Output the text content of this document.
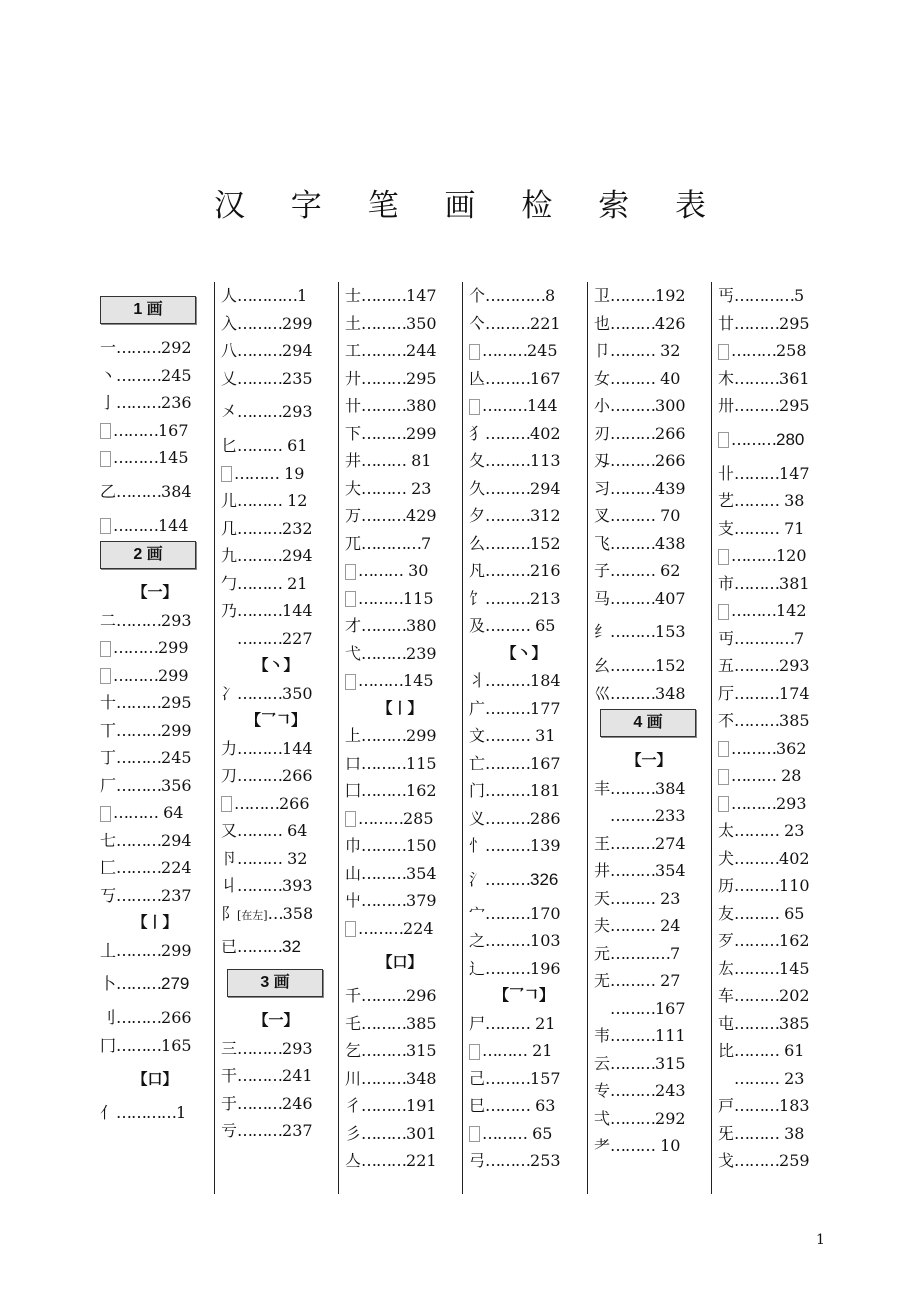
汉 字 笔 画 检 索 表
1 画
一………292
丶………245
亅………236
………167
………145
乙………384
………144
2 画
【一】
二………293
………299
………299
十………295
丅………299
丁………245
厂………356
……… 64
七………294
匚………224
丂………237
【丨】
丄………299
卜………279
刂………266
冂………165
【口】
亻…………1
人…………1
入………299
八………294
乂………235
㐅………293
匕……… 61
……… 19
儿……… 12
几………232
九………294
勹……… 21
乃………144
………227
【丶】
冫………350
【乛𠃍】
力………144
刀………266
………266
又……… 64
卪……… 32
丩………393
阝[在左]…358
已………32
3 画
【一】
三………293
干………241
于………246
亏………237
士………147
土………350
工………244
廾………295
卄………380
下………299
井……… 81
大……… 23
万………429
兀…………7
……… 30
………115
才………380
弋………239
………145
【丨】
上………299
口………115
囗………162
………285
巾………150
山………354
屮………379
………224
【口】
千………296
乇………385
乞………315
川………348
彳………191
彡………301
亼………221
个…………8
亽………221
………245
亾………167
………144
犭………402
夂………113
久………294
夕………312
么………152
凡………216
饣………213
及……… 65
【丶】
丬………184
广………177
文……… 31
亡………167
门………181
义………286
忄………139
氵………326
宀………170
之………103
辶………196
【乛𠃍】
尸……… 21
……… 21
己………157
巳……… 63
……… 65
弓………253
卫………192
也………426
卩……… 32
女……… 40
小………300
刃………266
刄………266
习………439
叉……… 70
飞………438
子……… 62
马………407
纟………153
幺………152
巛………348
4 画
【一】
丰………384
………233
王………274
井………354
天……… 23
夫……… 24
元…………7
无……… 27
………167
韦………111
云………315
专………243
弌………292
耂……… 10
丐…………5
廿………295
………258
木………361
卅………295
………280
卝………147
艺……… 38
支……… 71
………120
市………381
………142
丏…………7
五………293
厅………174
不………385
………362
……… 28
………293
太……… 23
犬………402
历………110
友……… 65
歹………162
厷………145
车………202
屯………385
比……… 61
……… 23
戸………183
旡……… 38
戈………259
1
